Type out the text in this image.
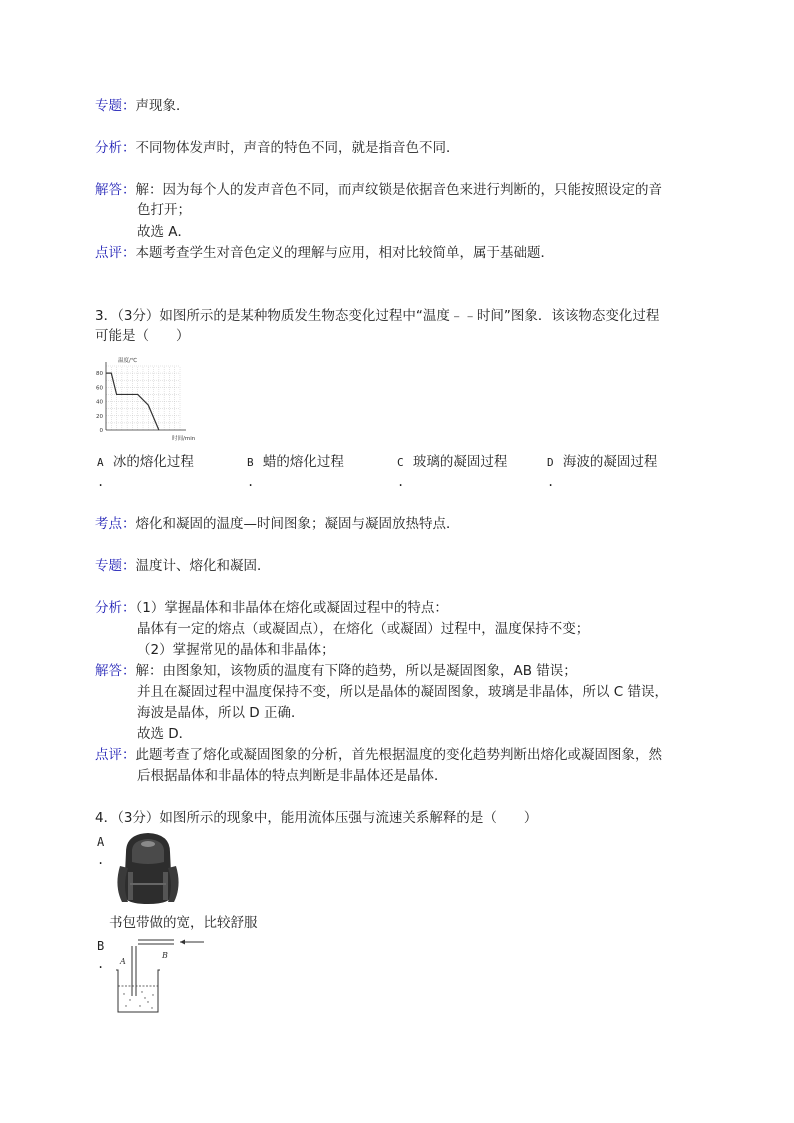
专题：声现象．
分析：不同物体发声时，声音的特色不同，就是指音色不同．
解答：解：因为每个人的发声音色不同，而声纹锁是依据音色来进行判断的，只能按照设定的音
色打开；
故选 A．
点评：本题考查学生对音色定义的理解与应用，相对比较简单，属于基础题．
3．（3分）如图所示的是某种物质发生物态变化过程中“温度﹣﹣时间”图象．该该物态变化过程
可能是（　　）
80
60
40
20
0
温度/℃
时间/min
A 冰的熔化过程
.
B 蜡的熔化过程
.
C 玻璃的凝固过程
.
D 海波的凝固过程
.
考点：熔化和凝固的温度—时间图象；凝固与凝固放热特点．
专题：温度计、熔化和凝固．
分析：（1）掌握晶体和非晶体在熔化或凝固过程中的特点：
晶体有一定的熔点（或凝固点），在熔化（或凝固）过程中，温度保持不变；
（2）掌握常见的晶体和非晶体；
解答：解：由图象知，该物质的温度有下降的趋势，所以是凝固图象，AB 错误；
并且在凝固过程中温度保持不变，所以是晶体的凝固图象，玻璃是非晶体，所以 C 错误，
海波是晶体，所以 D 正确．
故选 D．
点评：此题考查了熔化或凝固图象的分析，首先根据温度的变化趋势判断出熔化或凝固图象，然
后根据晶体和非晶体的特点判断是非晶体还是晶体．
4．（3分）如图所示的现象中，能用流体压强与流速关系解释的是（　　）
A
.
书包带做的宽，比较舒服
B
.
B
A
